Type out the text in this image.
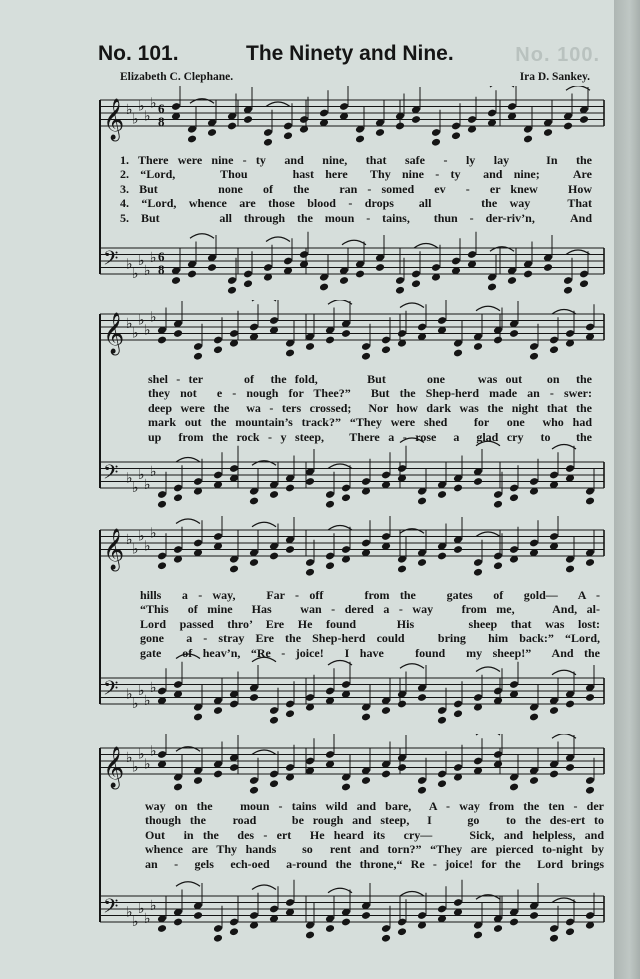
No. 100.
No. 101.	The Ninety and Nine.
Elizabeth C. Clephane.	Ira D. Sankey.
𝄞 ♭
♭
♭
♭
♭ 6
8
𝄢 ♭
♭
♭
♭
♭ 6
8
1. There were nine - ty  and  nine,  that  safe  -  ly  lay    In  the
2. “Lord,    Thou    hast here  Thy nine - ty  and nine;   Are
3. But      none  of  the   ran - somed  ev  -  er knew   How
4. “Lord, whence are those blood - drops  all    the way   That
5. But     all through the moun - tains,  thun - der-riv’n,   And
𝄞 ♭
♭
♭
♭
♭
𝄢 ♭
♭
♭
♭
♭
shel - ter     of  the fold,      But     one    was out   on  the
they not  e - nough for Thee?”  But the Shep-herd made an - swer:
deep were the  wa - ters crossed;  Nor how dark was the night that the
mark out the mountain’s track?” “They were shed   for  one  who had
up  from the rock - y steep,   There a - rose  a  glad cry  to   the
𝄞 ♭
♭
♭
♭
♭
𝄢 ♭
♭
♭
♭
♭
hills  a - way,   Far - off    from the   gates  of  gold—  A -
“This  of mine  Has   wan - dered a - way   from me,    And, al-
Lord passed thro’ Ere He found   His    sheep that was lost:
gone  a - stray Ere the Shep-herd could   bring  him back:” “Lord,
gate  of heav’n, “Re - joice!  I have   found  my sheep!”  And the
𝄞 ♭
♭
♭
♭
♭
𝄢 ♭
♭
♭
♭
♭
way on the   moun - tains wild and bare,  A - way from the ten - der
though the   road    be rough and steep,  I    go   to the des-ert to
Out  in the  des - ert  He heard its  cry—    Sick, and helpless, and
whence are Thy hands   so  rent and torn?” “They are pierced to-night by
an  -  gels  ech-oed  a-round the throne,“ Re - joice! for the  Lord brings
